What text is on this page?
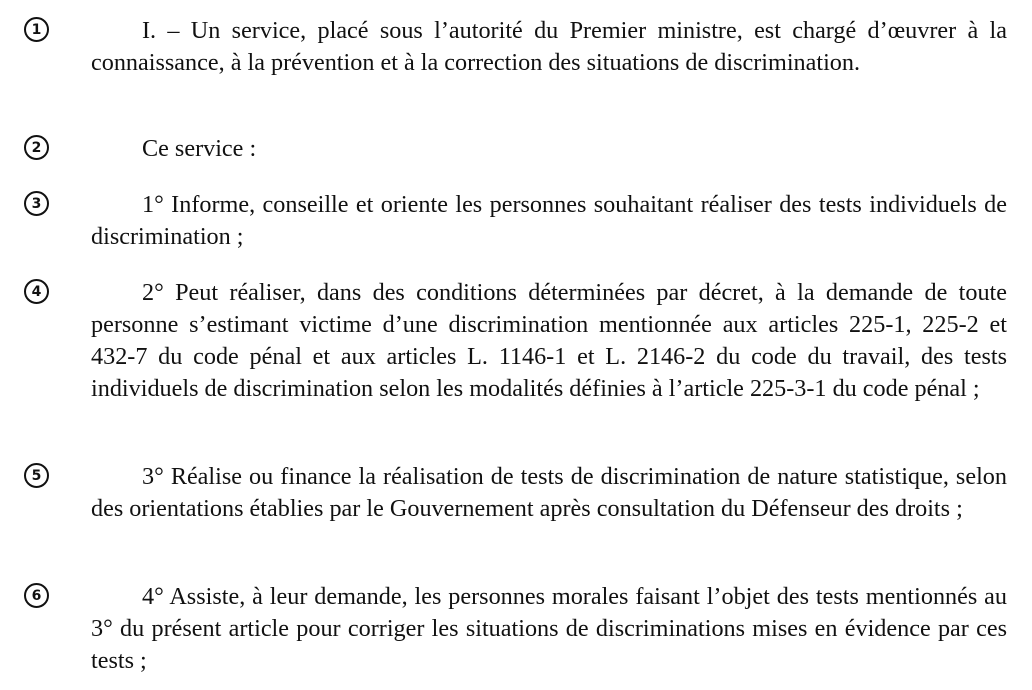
1	I. – Un service, placé sous l’autorité du Premier ministre, est chargé d’œuvrer à la connaissance, à la prévention et à la correction des situations de discrimination.

2	Ce service :

3	1° Informe, conseille et oriente les personnes souhaitant réaliser des tests individuels de discrimination ;

4	2° Peut réaliser, dans des conditions déterminées par décret, à la demande de toute personne s’estimant victime d’une discrimination mentionnée aux articles 225-1, 225-2 et 432-7 du code pénal et aux articles L. 1146-1 et L. 2146-2 du code du travail, des tests individuels de discrimination selon les modalités définies à l’article 225-3-1 du code pénal ;

5	3° Réalise ou finance la réalisation de tests de discrimination de nature statistique, selon des orientations établies par le Gouvernement après consultation du Défenseur des droits ;

6	4° Assiste, à leur demande, les personnes morales faisant l’objet des tests mentionnés au 3° du présent article pour corriger les situations de discriminations mises en évidence par ces tests ;
